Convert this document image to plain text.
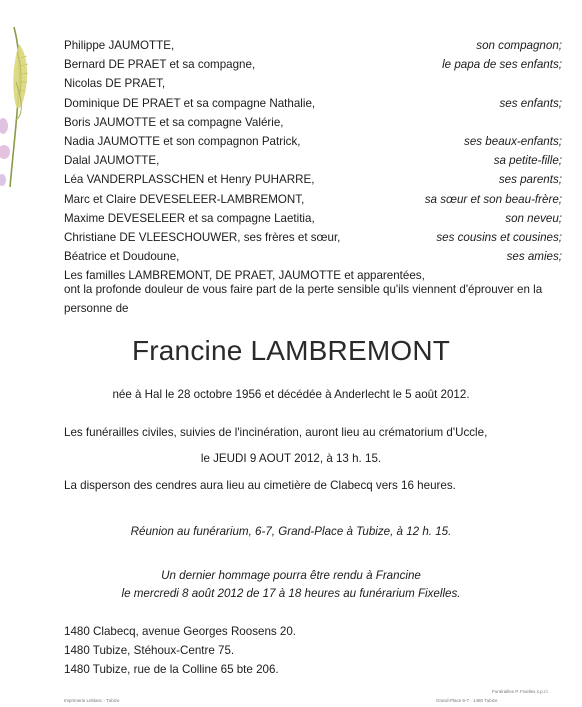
Philippe JAUMOTTE,	son compagnon;
Bernard DE PRAET et sa compagne,	le papa de ses enfants;
Nicolas DE PRAET,
Dominique DE PRAET et sa compagne Nathalie,	ses enfants;
Boris JAUMOTTE et sa compagne Valérie,
Nadia JAUMOTTE et son compagnon Patrick,	ses beaux-enfants;
Dalal JAUMOTTE,	sa petite-fille;
Léa VANDERPLASSCHEN et Henry PUHARRE,	ses parents;
Marc et Claire DEVESELEER-LAMBREMONT,	sa sœur et son beau-frère;
Maxime DEVESELEER et sa compagne Laetitia,	son neveu;
Christiane DE VLEESCHOUWER, ses frères et sœur,	ses cousins et cousines;
Béatrice et Doudoune,	ses amies;
Les familles LAMBREMONT, DE PRAET, JAUMOTTE et apparentées,
ont la profonde douleur de vous faire part de la perte sensible qu'ils viennent d'éprouver en la personne de
Francine LAMBREMONT
née à Hal le 28 octobre 1956 et décédée à Anderlecht le 5 août 2012.
Les funérailles civiles, suivies de l'incinération, auront lieu au crématorium d'Uccle,
le JEUDI 9 AOUT 2012, à 13 h. 15.
La disperson des cendres aura lieu au cimetière de Clabecq vers 16 heures.
Réunion au funérarium, 6-7, Grand-Place à Tubize, à 12 h. 15.
Un dernier hommage pourra être rendu à Francine
le mercredi 8 août 2012 de 17 à 18 heures au funérarium Fixelles.
1480 Clabecq, avenue Georges Roosens 20.
1480 Tubize, Stéhoux-Centre 75.
1480 Tubize, rue de la Colline 65 bte 206.
Imprimerie Leblanc - Tubize
Funérailles P. Fixelles s.p.r.l.
Grand-Place 6-7 · 1480 Tubize
